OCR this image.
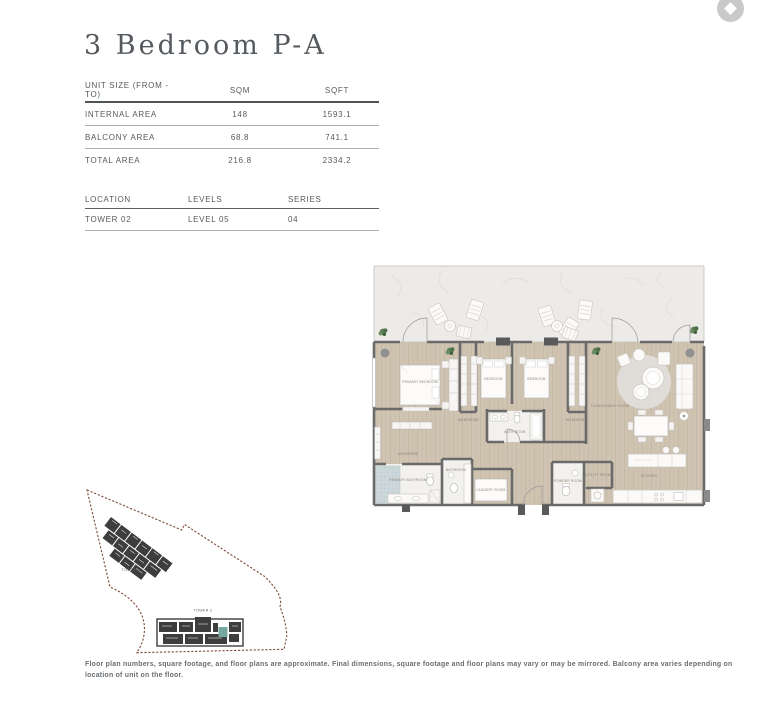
3 Bedroom P-A
UNIT SIZE (FROM - TO)	SQM	SQFT
INTERNAL AREA	148	1593.1
BALCONY AREA	68.8	741.1
TOTAL AREA	216.8	2334.2
LOCATION	LEVELS	SERIES
TOWER 02	LEVEL 05	04
PRIMARY BEDROOM
BEDROOM	BEDROOM
LIVING/DINING ROOM
KITCHEN
BATH ROOM
WARDROBE	WARDROBE
WARDROBE
PRIMARY BATHROOM
BATHROOM
LAUNDRY ROOM
POWDER ROOM
UTILITY ROOM
TOWER 1
TOWER 2
Floor plan numbers, square footage, and floor plans are approximate. Final dimensions, square footage and floor plans may vary or may be mirrored. Balcony area varies depending on location of unit on the floor.
